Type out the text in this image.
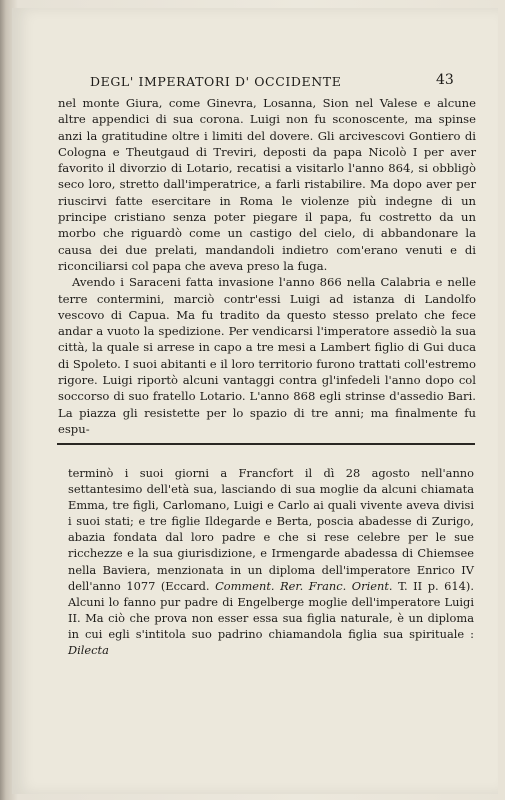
DEGL' IMPERATORI D' OCCIDENTE	43

nel monte Giura, come Ginevra, Losanna, Sion nel Valese e alcune altre appendici di sua corona. Luigi non fu sconoscente, ma spinse anzi la gratitudine oltre i limiti del dovere. Gli arcivescovi Gontiero di Cologna e Theutgaud di Treviri, deposti da papa Nicolò I per aver favorito il divorzio di Lotario, recatisi a visitarlo l'anno 864, si obbligò seco loro, stretto dall'imperatrice, a farli ristabilire. Ma dopo aver per riuscirvi fatte esercitare in Roma le violenze più indegne di un principe cristiano senza poter piegare il papa, fu costretto da un morbo che riguardò come un castigo del cielo, di abbandonare la causa dei due prelati, mandandoli indietro com'erano venuti e di riconciliarsi col papa che aveva preso la fuga.

Avendo i Saraceni fatta invasione l'anno 866 nella Calabria e nelle terre contermini, marciò contr'essi Luigi ad istanza di Landolfo vescovo di Capua. Ma fu tradito da questo stesso prelato che fece andar a vuoto la spedizione. Per vendicarsi l'imperatore assediò la sua città, la quale si arrese in capo a tre mesi a Lambert figlio di Gui duca di Spoleto. I suoi abitanti e il loro territorio furono trattati coll'estremo rigore. Luigi riportò alcuni vantaggi contra gl'infedeli l'anno dopo col soccorso di suo fratello Lotario. L'anno 868 egli strinse d'assedio Bari. La piazza gli resistette per lo spazio di tre anni; ma finalmente fu espu-

terminò i suoi giorni a Francfort il dì 28 agosto nell'anno settantesimo dell'età sua, lasciando di sua moglie da alcuni chiamata Emma, tre figli, Carlomano, Luigi e Carlo ai quali vivente aveva divisi i suoi stati; e tre figlie Ildegarde e Berta, poscia abadesse di Zurigo, abazia fondata dal loro padre e che si rese celebre per le sue ricchezze e la sua giurisdizione, e Irmengarde abadessa di Chiemsee nella Baviera, menzionata in un diploma dell'imperatore Enrico IV dell'anno 1077 (Eccard. Comment. Rer. Franc. Orient. T. II p. 614). Alcuni lo fanno pur padre di Engelberge moglie dell'imperatore Luigi II. Ma ciò che prova non esser essa sua figlia naturale, è un diploma in cui egli s'intitola suo padrino chiamandola figlia sua spirituale : Dilecta
